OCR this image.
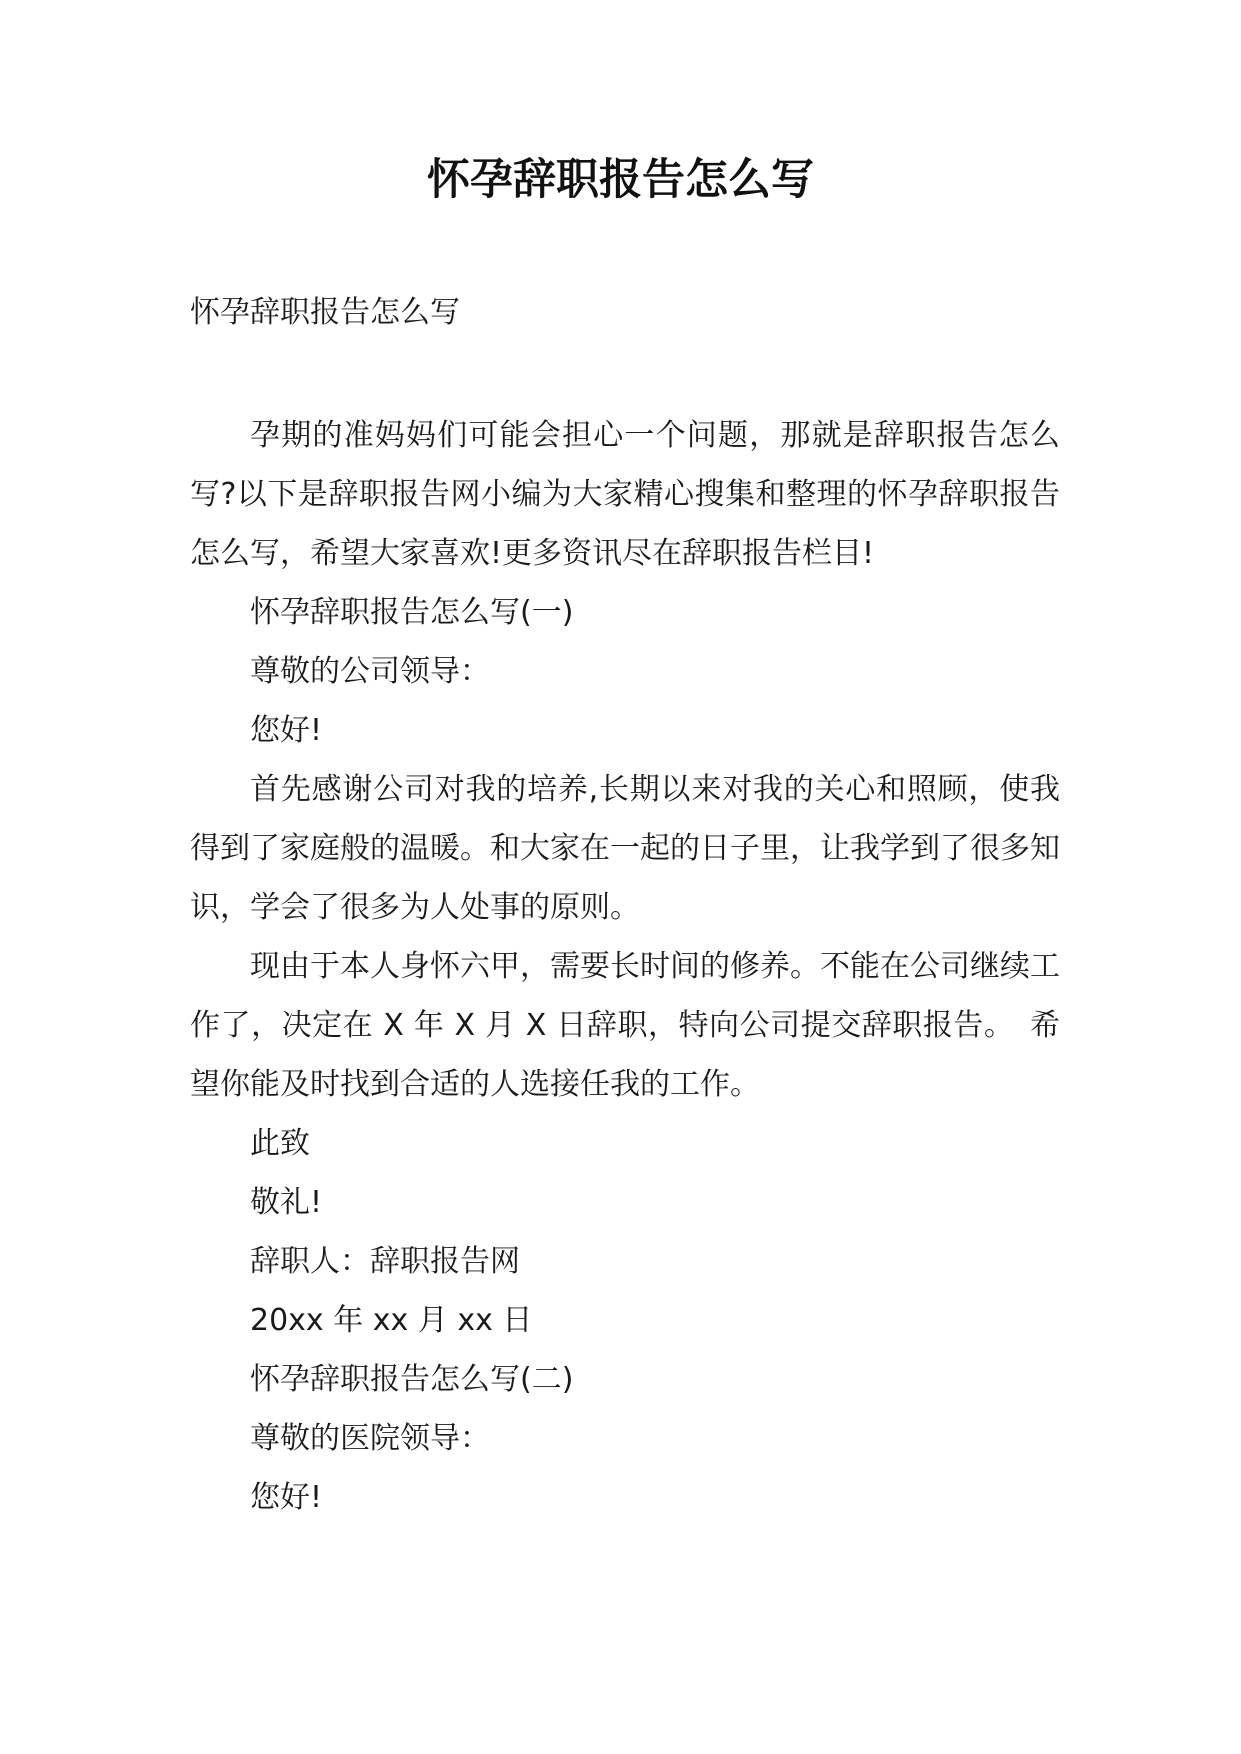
怀孕辞职报告怎么写
怀孕辞职报告怎么写

孕期的准妈妈们可能会担心一个问题，那就是辞职报告怎么写?以下是辞职报告网小编为大家精心搜集和整理的怀孕辞职报告怎么写，希望大家喜欢!更多资讯尽在辞职报告栏目!

怀孕辞职报告怎么写(一)

尊敬的公司领导：

您好!

首先感谢公司对我的培养,长期以来对我的关心和照顾，使我得到了家庭般的温暖。和大家在一起的日子里，让我学到了很多知识，学会了很多为人处事的原则。

现由于本人身怀六甲，需要长时间的修养。不能在公司继续工作了，决定在 X 年 X 月 X 日辞职，特向公司提交辞职报告。　希望你能及时找到合适的人选接任我的工作。

此致

敬礼!

辞职人：辞职报告网

20xx 年 xx 月 xx 日

怀孕辞职报告怎么写(二)

尊敬的医院领导：

您好!
